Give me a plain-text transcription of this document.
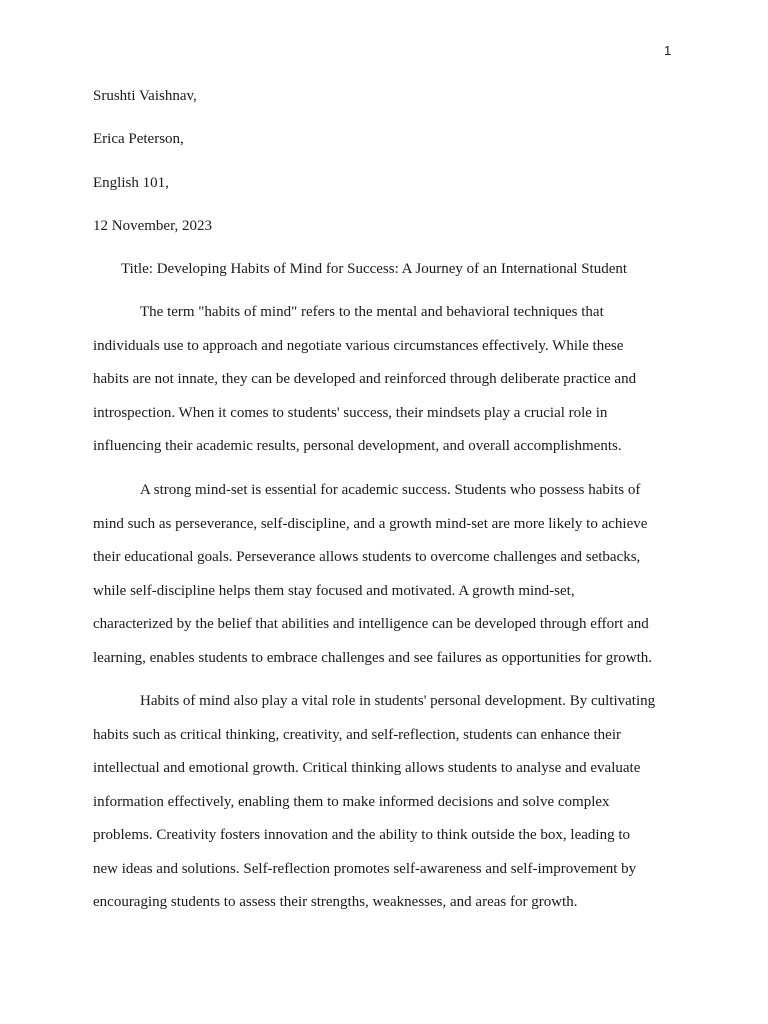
1
Srushti Vaishnav,
Erica Peterson,
English 101,
12 November, 2023
Title: Developing Habits of Mind for Success: A Journey of an International Student
The term "habits of mind" refers to the mental and behavioral techniques that
individuals use to approach and negotiate various circumstances effectively. While these
habits are not innate, they can be developed and reinforced through deliberate practice and
introspection. When it comes to students' success, their mindsets play a crucial role in
influencing their academic results, personal development, and overall accomplishments.
A strong mind-set is essential for academic success. Students who possess habits of
mind such as perseverance, self-discipline, and a growth mind-set are more likely to achieve
their educational goals. Perseverance allows students to overcome challenges and setbacks,
while self-discipline helps them stay focused and motivated. A growth mind-set,
characterized by the belief that abilities and intelligence can be developed through effort and
learning, enables students to embrace challenges and see failures as opportunities for growth.
Habits of mind also play a vital role in students' personal development. By cultivating
habits such as critical thinking, creativity, and self-reflection, students can enhance their
intellectual and emotional growth. Critical thinking allows students to analyse and evaluate
information effectively, enabling them to make informed decisions and solve complex
problems. Creativity fosters innovation and the ability to think outside the box, leading to
new ideas and solutions. Self-reflection promotes self-awareness and self-improvement by
encouraging students to assess their strengths, weaknesses, and areas for growth.
